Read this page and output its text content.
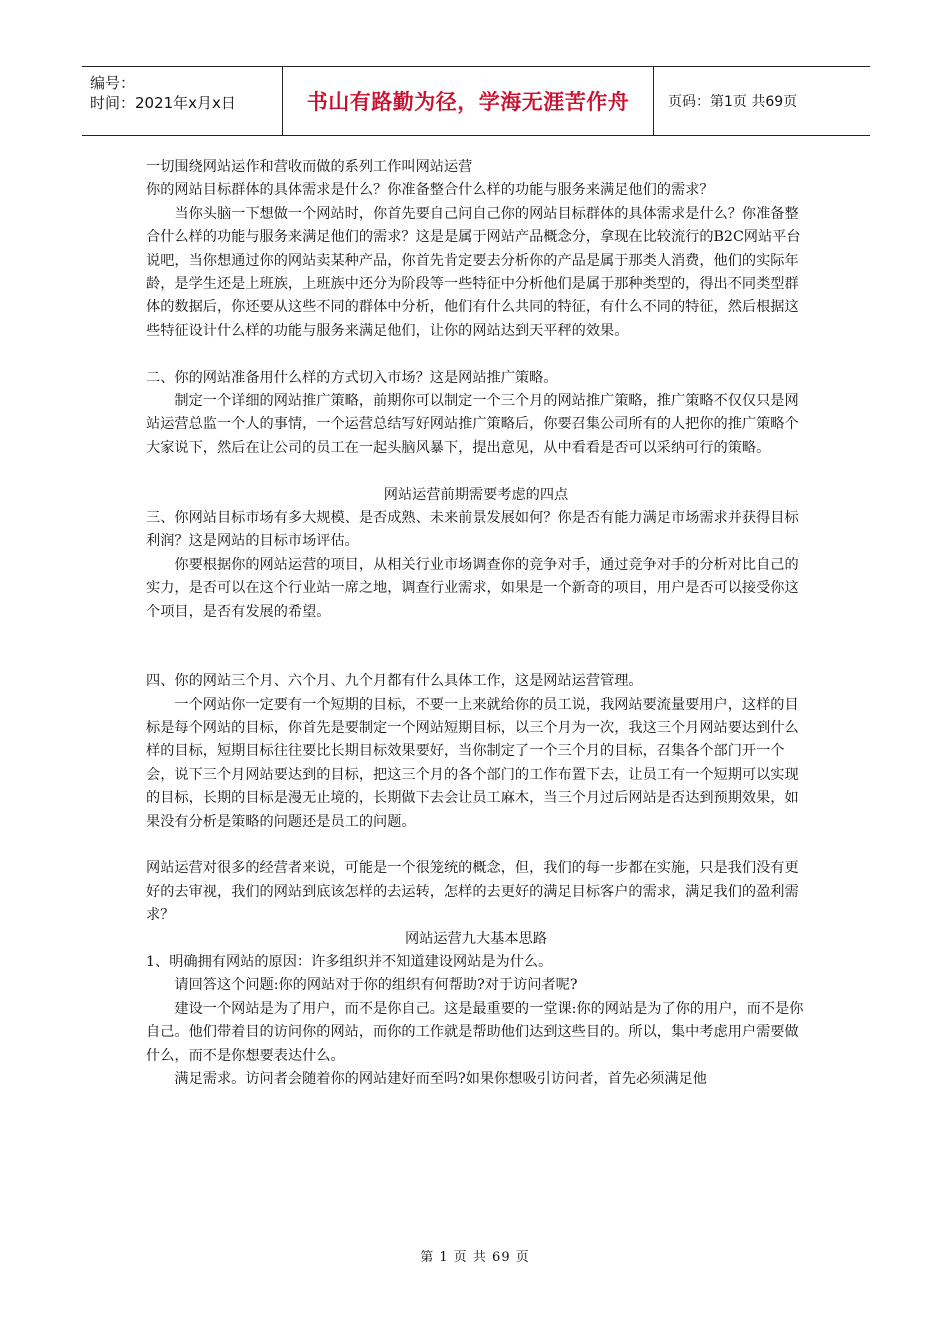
编号：
时间：2021年x月x日	书山有路勤为径，学海无涯苦作舟	页码：第1页 共69页

一切围绕网站运作和营收而做的系列工作叫网站运营

你的网站目标群体的具体需求是什么？你准备整合什么样的功能与服务来满足他们的需求？

当你头脑一下想做一个网站时，你首先要自己问自己你的网站目标群体的具体需求是什么？你准备整合什么样的功能与服务来满足他们的需求？这是是属于网站产品概念分，拿现在比较流行的B2C网站平台说吧，当你想通过你的网站卖某种产品，你首先肯定要去分析你的产品是属于那类人消费，他们的实际年龄，是学生还是上班族，上班族中还分为阶段等一些特征中分析他们是属于那种类型的，得出不同类型群体的数据后，你还要从这些不同的群体中分析，他们有什么共同的特征，有什么不同的特征，然后根据这些特征设计什么样的功能与服务来满足他们，让你的网站达到天平秤的效果。

二、你的网站准备用什么样的方式切入市场？这是网站推广策略。

制定一个详细的网站推广策略，前期你可以制定一个三个月的网站推广策略，推广策略不仅仅只是网站运营总监一个人的事情，一个运营总结写好网站推广策略后，你要召集公司所有的人把你的推广策略个大家说下，然后在让公司的员工在一起头脑风暴下，提出意见，从中看看是否可以采纳可行的策略。

网站运营前期需要考虑的四点

三、你网站目标市场有多大规模、是否成熟、未来前景发展如何？你是否有能力满足市场需求并获得目标利润？这是网站的目标市场评估。

你要根据你的网站运营的项目，从相关行业市场调查你的竞争对手，通过竞争对手的分析对比自己的实力，是否可以在这个行业站一席之地，调查行业需求，如果是一个新奇的项目，用户是否可以接受你这个项目，是否有发展的希望。

四、你的网站三个月、六个月、九个月都有什么具体工作，这是网站运营管理。

一个网站你一定要有一个短期的目标，不要一上来就给你的员工说，我网站要流量要用户，这样的目标是每个网站的目标，你首先是要制定一个网站短期目标，以三个月为一次，我这三个月网站要达到什么样的目标，短期目标往往要比长期目标效果要好，当你制定了一个三个月的目标，召集各个部门开一个会，说下三个月网站要达到的目标，把这三个月的各个部门的工作布置下去，让员工有一个短期可以实现的目标，长期的目标是漫无止境的，长期做下去会让员工麻木，当三个月过后网站是否达到预期效果，如果没有分析是策略的问题还是员工的问题。

网站运营对很多的经营者来说，可能是一个很笼统的概念，但，我们的每一步都在实施，只是我们没有更好的去审视，我们的网站到底该怎样的去运转，怎样的去更好的满足目标客户的需求，满足我们的盈利需求？

网站运营九大基本思路

1、明确拥有网站的原因：许多组织并不知道建设网站是为什么。

请回答这个问题:你的网站对于你的组织有何帮助?对于访问者呢?

建设一个网站是为了用户，而不是你自己。这是最重要的一堂课:你的网站是为了你的用户，而不是你自己。他们带着目的访问你的网站，而你的工作就是帮助他们达到这些目的。所以，集中考虑用户需要做什么，而不是你想要表达什么。

满足需求。访问者会随着你的网站建好而至吗?如果你想吸引访问者，首先必须满足他

第 1 页 共 69 页
